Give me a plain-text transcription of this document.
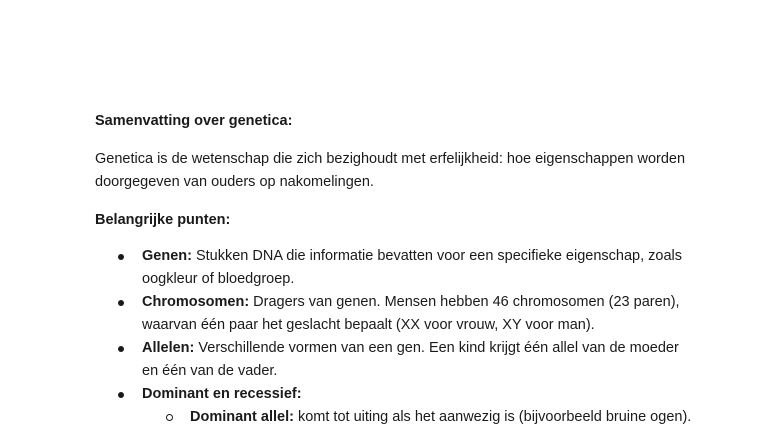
Samenvatting over genetica:

Genetica is de wetenschap die zich bezighoudt met erfelijkheid: hoe eigenschappen worden doorgegeven van ouders op nakomelingen.

Belangrijke punten:

Genen: Stukken DNA die informatie bevatten voor een specifieke eigenschap, zoals oogkleur of bloedgroep.
Chromosomen: Dragers van genen. Mensen hebben 46 chromosomen (23 paren), waarvan één paar het geslacht bepaalt (XX voor vrouw, XY voor man).
Allelen: Verschillende vormen van een gen. Een kind krijgt één allel van de moeder en één van de vader.
Dominant en recessief:
Dominant allel: komt tot uiting als het aanwezig is (bijvoorbeeld bruine ogen).
